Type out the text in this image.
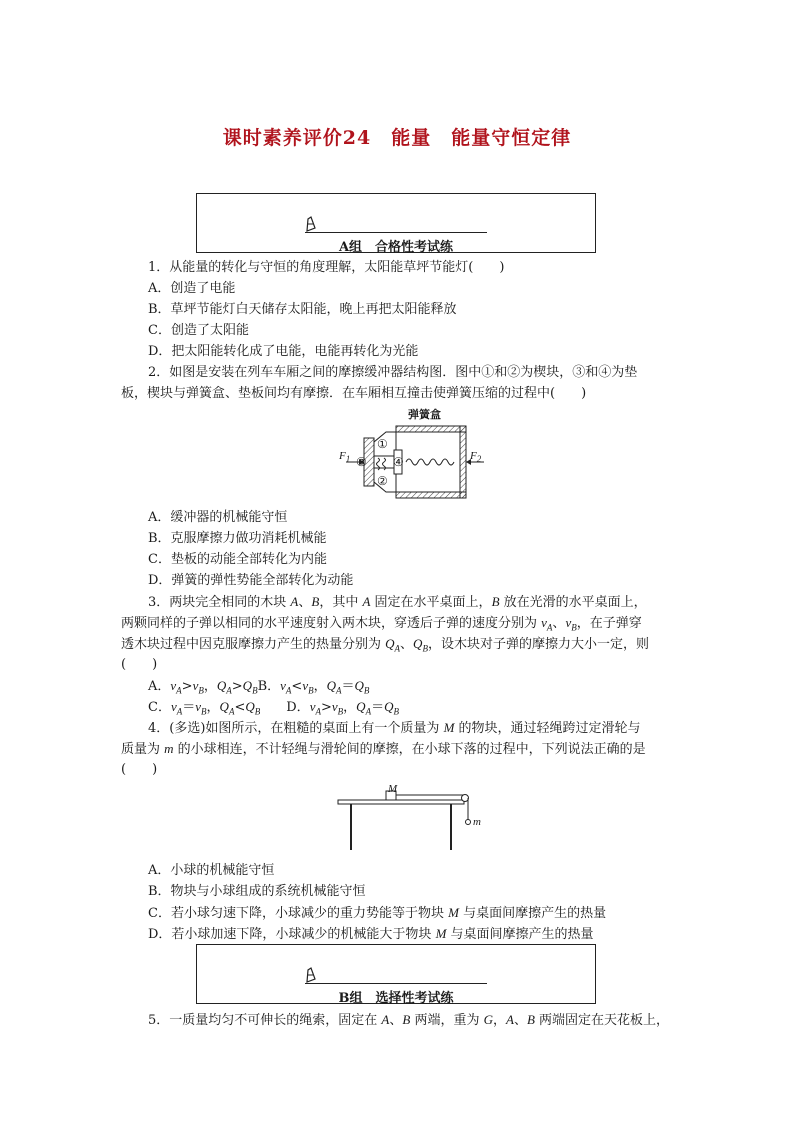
课时素养评价24　能量　能量守恒定律
A组　合格性考试练
1．从能量的转化与守恒的角度理解，太阳能草坪节能灯(　　)
A．创造了电能
B．草坪节能灯白天储存太阳能，晚上再把太阳能释放
C．创造了太阳能
D．把太阳能转化成了电能，电能再转化为光能
2．如图是安装在列车车厢之间的摩擦缓冲器结构图．图中①和②为楔块，③和④为垫
板，楔块与弹簧盒、垫板间均有摩擦．在车厢相互撞击使弹簧压缩的过程中(　　)
弹簧盒
①
②
③ ④
$F_1$	$F_2$
A．缓冲器的机械能守恒
B．克服摩擦力做功消耗机械能
C．垫板的动能全部转化为内能
D．弹簧的弹性势能全部转化为动能
3．两块完全相同的木块 A、B，其中 A 固定在水平桌面上，B 放在光滑的水平桌面上，
两颗同样的子弹以相同的水平速度射入两木块，穿透后子弹的速度分别为 $v_A$、$v_B$，在子弹穿
透木块过程中因克服摩擦力产生的热量分别为 $Q_A$、$Q_B$，设木块对子弹的摩擦力大小一定，则
(　　)
A．$v_A>v_B$，$Q_A>Q_BB$．$v_A<v_B$，$Q_A=Q_B$
C．$v_A=v_B$，$Q_A<Q_B$　　 D．$v_A>v_B$，$Q_A=Q_B$
4．(多选)如图所示，在粗糙的桌面上有一个质量为 M 的物块，通过轻绳跨过定滑轮与
质量为 m 的小球相连，不计轻绳与滑轮间的摩擦，在小球下落的过程中，下列说法正确的是
(　　)
M
m
A．小球的机械能守恒
B．物块与小球组成的系统机械能守恒
C．若小球匀速下降，小球减少的重力势能等于物块 M 与桌面间摩擦产生的热量
D．若小球加速下降，小球减少的机械能大于物块 M 与桌面间摩擦产生的热量
B组　选择性考试练
5．一质量均匀不可伸长的绳索，固定在 A、B 两端，重为 G，A、B 两端固定在天花板上，
